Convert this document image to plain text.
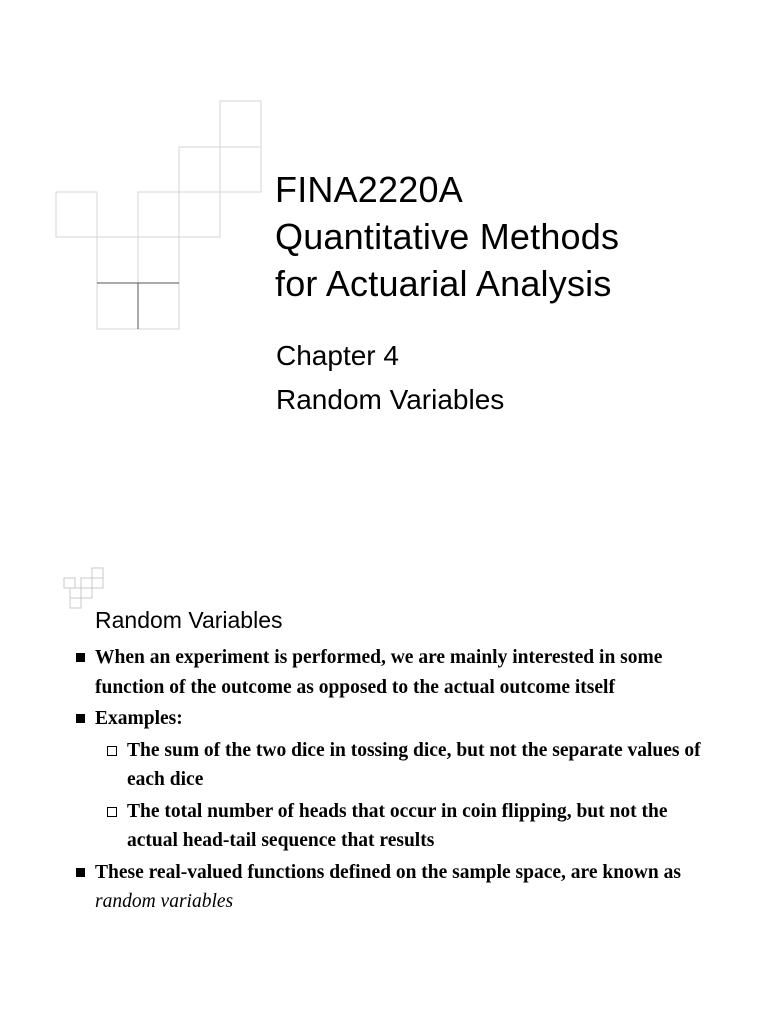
FINA2220A
Quantitative Methods
for Actuarial Analysis

Chapter 4

Random Variables

Random Variables
When an experiment is performed, we are mainly interested in some function of the outcome as opposed to the actual outcome itself
Examples:
The sum of the two dice in tossing dice, but not the separate values of each dice
The total number of heads that occur in coin flipping, but not the actual head-tail sequence that results
These real-valued functions defined on the sample space, are known as random variables
